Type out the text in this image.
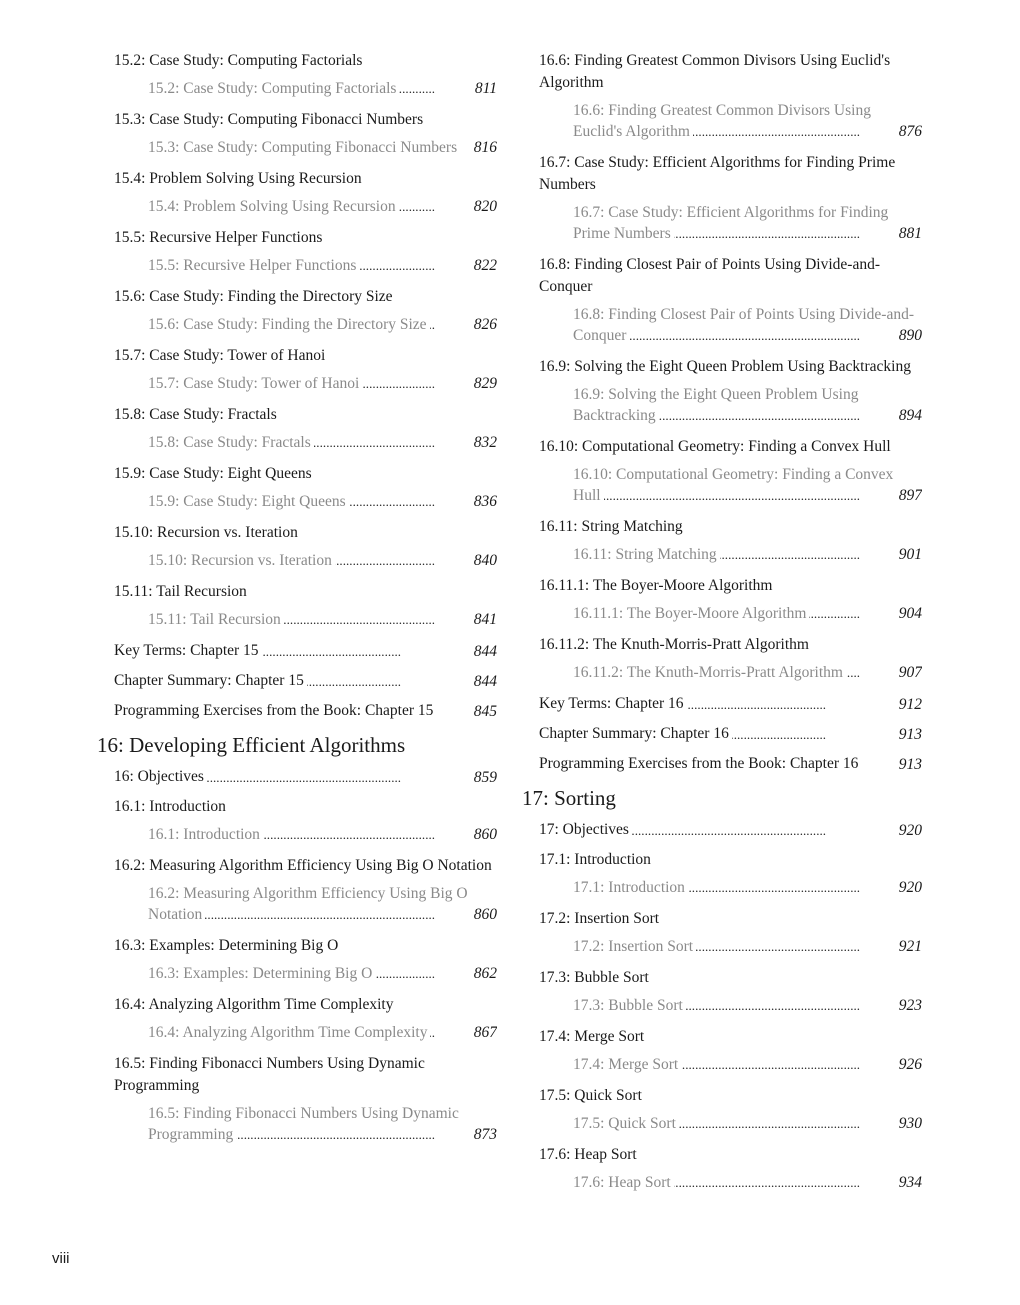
15.2: Case Study: Computing Factorials
15.2: Case Study: Computing Factorials	811
. . .
15.3: Case Study: Computing Fibonacci Numbers
15.3: Case Study: Computing Fibonacci Numbers 816
. . .
15.4: Problem Solving Using Recursion
15.4: Problem Solving Using Recursion	820
. . .
15.5: Recursive Helper Functions
15.5: Recursive Helper Functions	822
. . .
15.6: Case Study: Finding the Directory Size
15.6: Case Study: Finding the Directory Size	826
. . .
15.7: Case Study: Tower of Hanoi
15.7: Case Study: Tower of Hanoi	829
. . .
15.8: Case Study: Fractals
15.8: Case Study: Fractals	832
. . .
15.9: Case Study: Eight Queens
15.9: Case Study: Eight Queens	836
. . .
15.10: Recursion vs. Iteration
15.10: Recursion vs. Iteration	840
. . .
15.11: Tail Recursion
15.11: Tail Recursion	841
. . .
Key Terms: Chapter 15	844
. . .
Chapter Summary: Chapter 15	844
. . .
Programming Exercises from the Book: Chapter 15	845
. . .
16: Developing Efficient Algorithms
16: Objectives	859
. . .
16.1: Introduction
16.1: Introduction	860
. . .
16.2: Measuring Algorithm Efficiency Using Big O Notation
16.2: Measuring Algorithm Efficiency Using Big O Notation	860
. . .
16.3: Examples: Determining Big O
16.3: Examples: Determining Big O	862
. . .
16.4: Analyzing Algorithm Time Complexity
16.4: Analyzing Algorithm Time Complexity	867
. . .
16.5: Finding Fibonacci Numbers Using Dynamic Programming
16.5: Finding Fibonacci Numbers Using Dynamic Programming	873
. . .
16.6: Finding Greatest Common Divisors Using Euclid's Algorithm
16.6: Finding Greatest Common Divisors Using Euclid's Algorithm	876
. . .
16.7: Case Study: Efficient Algorithms for Finding Prime Numbers
16.7: Case Study: Efficient Algorithms for Finding Prime Numbers	881
. . .
16.8: Finding Closest Pair of Points Using Divide-and-Conquer
16.8: Finding Closest Pair of Points Using Divide-and-Conquer	890
. . .
16.9: Solving the Eight Queen Problem Using Backtracking
16.9: Solving the Eight Queen Problem Using Backtracking	894
. . .
16.10: Computational Geometry: Finding a Convex Hull
16.10: Computational Geometry: Finding a Convex Hull	897
. . .
16.11: String Matching
16.11: String Matching	901
. . .
16.11.1: The Boyer-Moore Algorithm
16.11.1: The Boyer-Moore Algorithm	904
. . .
16.11.2: The Knuth-Morris-Pratt Algorithm
16.11.2: The Knuth-Morris-Pratt Algorithm	907
. . .
Key Terms: Chapter 16	912
. . .
Chapter Summary: Chapter 16	913
. . .
Programming Exercises from the Book: Chapter 16	913
. . .
17: Sorting
17: Objectives	920
. . .
17.1: Introduction
17.1: Introduction	920
. . .
17.2: Insertion Sort
17.2: Insertion Sort	921
. . .
17.3: Bubble Sort
17.3: Bubble Sort	923
. . .
17.4: Merge Sort
17.4: Merge Sort	926
. . .
17.5: Quick Sort
17.5: Quick Sort	930
. . .
17.6: Heap Sort
17.6: Heap Sort	934
. . .
viii
